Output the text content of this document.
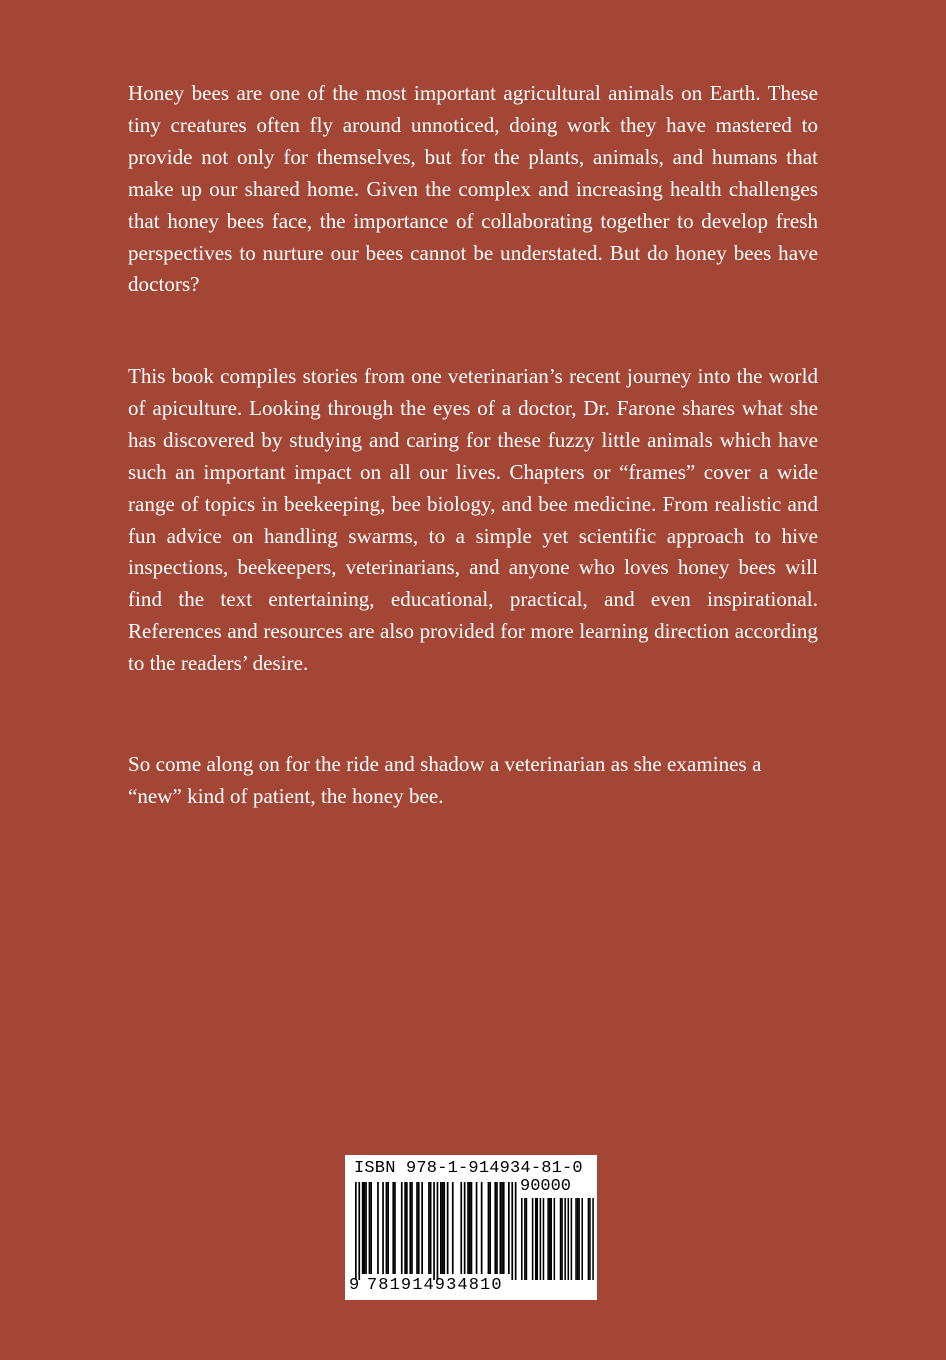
Honey bees are one of the most important agricultural animals on Earth. These tiny creatures often fly around unnoticed, doing work they have mastered to provide not only for themselves, but for the plants, animals, and humans that make up our shared home. Given the complex and increasing health challenges that honey bees face, the importance of collaborating together to develop fresh perspectives to nurture our bees cannot be understated. But do honey bees have doctors?

This book compiles stories from one veterinarian’s recent journey into the world of apiculture. Looking through the eyes of a doctor, Dr. Farone shares what she has discovered by studying and caring for these fuzzy little animals which have such an important impact on all our lives. Chapters or “frames” cover a wide range of topics in beekeeping, bee biology, and bee medicine. From realistic and fun advice on handling swarms, to a simple yet scientific approach to hive inspections, beekeepers, veterinarians, and anyone who loves honey bees will find the text entertaining, educational, practical, and even inspirational. References and resources are also provided for more learning direction according to the readers’ desire.

So come along on for the ride and shadow a veterinarian as she examines a “new” kind of patient, the honey bee.

ISBN 978-1-914934-81-0
90000
9 781914934810
